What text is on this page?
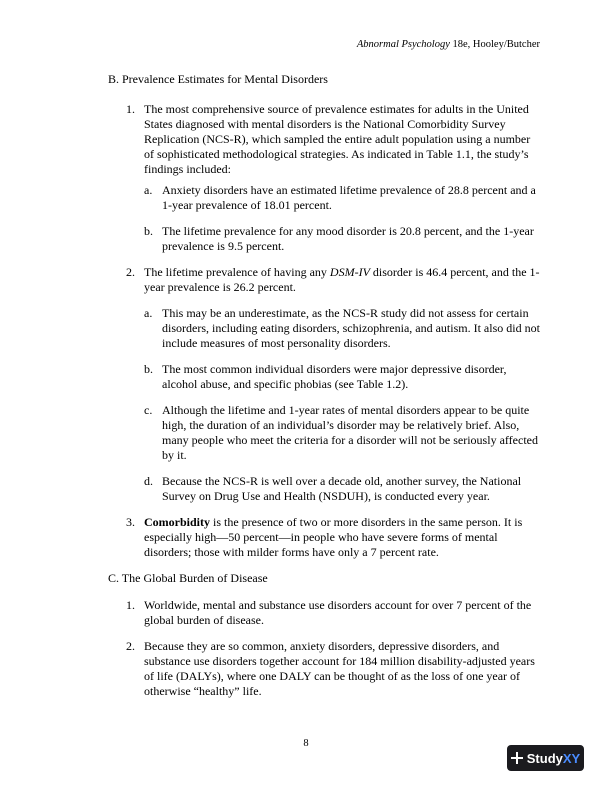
Abnormal Psychology 18e, Hooley/Butcher
B. Prevalence Estimates for Mental Disorders
1. The most comprehensive source of prevalence estimates for adults in the United
States diagnosed with mental disorders is the National Comorbidity Survey
Replication (NCS-R), which sampled the entire adult population using a number
of sophisticated methodological strategies. As indicated in Table 1.1, the study’s
findings included:
a. Anxiety disorders have an estimated lifetime prevalence of 28.8 percent and a
1-year prevalence of 18.01 percent.
b. The lifetime prevalence for any mood disorder is 20.8 percent, and the 1-year
prevalence is 9.5 percent.
2. The lifetime prevalence of having any DSM-IV disorder is 46.4 percent, and the 1-
year prevalence is 26.2 percent.
a. This may be an underestimate, as the NCS-R study did not assess for certain
disorders, including eating disorders, schizophrenia, and autism. It also did not
include measures of most personality disorders.
b. The most common individual disorders were major depressive disorder,
alcohol abuse, and specific phobias (see Table 1.2).
c. Although the lifetime and 1-year rates of mental disorders appear to be quite
high, the duration of an individual’s disorder may be relatively brief. Also,
many people who meet the criteria for a disorder will not be seriously affected
by it.
d. Because the NCS-R is well over a decade old, another survey, the National
Survey on Drug Use and Health (NSDUH), is conducted every year.
3. Comorbidity is the presence of two or more disorders in the same person. It is
especially high—50 percent—in people who have severe forms of mental
disorders; those with milder forms have only a 7 percent rate.
C. The Global Burden of Disease
1. Worldwide, mental and substance use disorders account for over 7 percent of the
global burden of disease.
2. Because they are so common, anxiety disorders, depressive disorders, and
substance use disorders together account for 184 million disability-adjusted years
of life (DALYs), where one DALY can be thought of as the loss of one year of
otherwise “healthy” life.
8
StudyXY
